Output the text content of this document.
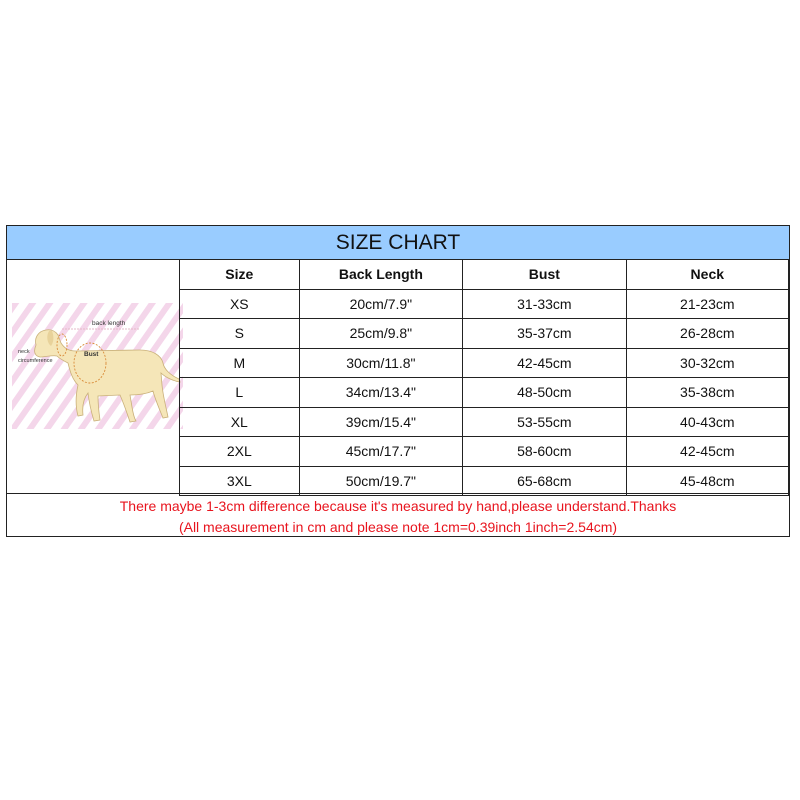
SIZE CHART
back length
Bust
neck
circumference
Size	Back Length	Bust	Neck
XS	20cm/7.9"	31-33cm	21-23cm
S	25cm/9.8"	35-37cm	26-28cm
M	30cm/11.8"	42-45cm	30-32cm
L	34cm/13.4"	48-50cm	35-38cm
XL	39cm/15.4"	53-55cm	40-43cm
2XL	45cm/17.7"	58-60cm	42-45cm
3XL	50cm/19.7"	65-68cm	45-48cm
There maybe 1-3cm difference because it's measured by hand,please understand.Thanks
(All measurement in cm and please note 1cm=0.39inch 1inch=2.54cm)
